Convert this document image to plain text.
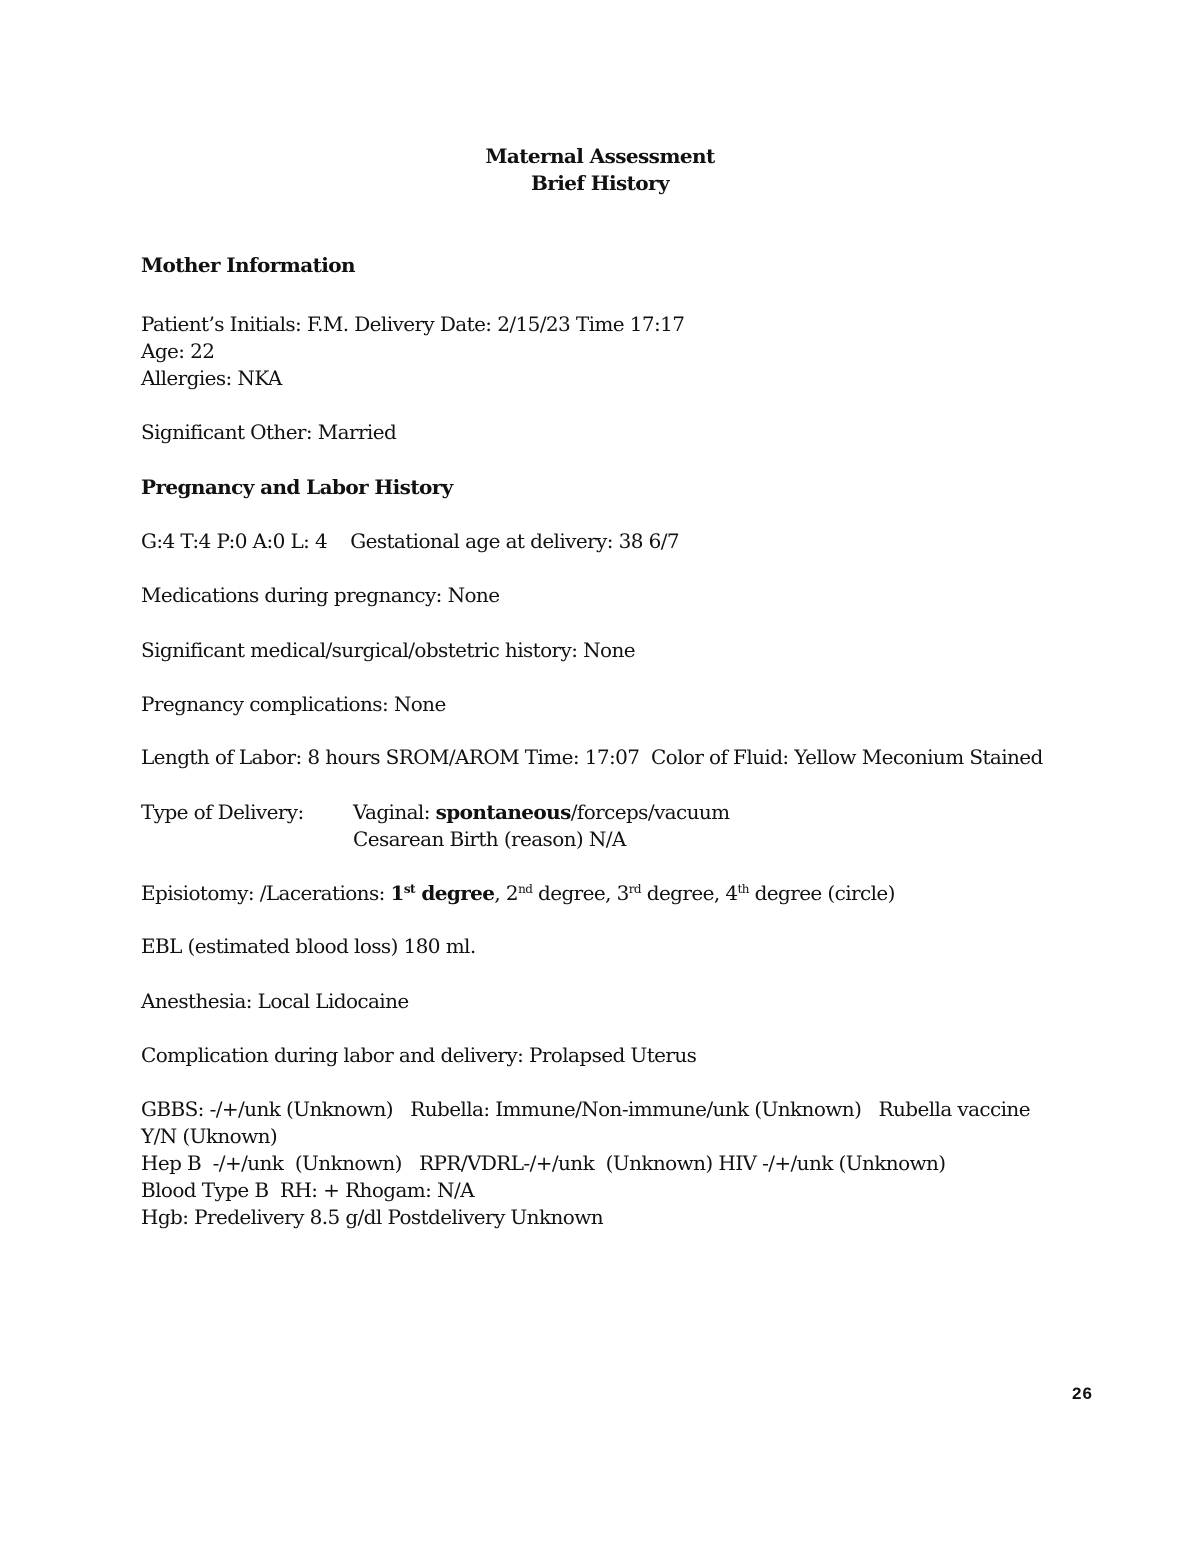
Maternal Assessment
Brief History
Mother Information
Patient’s Initials: F.M. Delivery Date: 2/15/23 Time 17:17
Age: 22
Allergies: NKA
Significant Other: Married
Pregnancy and Labor History
G:4 T:4 P:0 A:0 L: 4    Gestational age at delivery: 38 6/7
Medications during pregnancy: None
Significant medical/surgical/obstetric history: None
Pregnancy complications: None
Length of Labor: 8 hours SROM/AROM Time: 17:07  Color of Fluid: Yellow Meconium Stained
Type of Delivery: Vaginal: spontaneous/forceps/vacuum
Cesarean Birth (reason) N/A
Episiotomy: /Lacerations: 1st degree, 2nd degree, 3rd degree, 4th degree (circle)
EBL (estimated blood loss) 180 ml.
Anesthesia: Local Lidocaine
Complication during labor and delivery: Prolapsed Uterus
GBBS: -/+/unk (Unknown)   Rubella: Immune/Non-immune/unk (Unknown)   Rubella vaccine
Y/N (Uknown)
Hep B  -/+/unk  (Unknown)   RPR/VDRL-/+/unk  (Unknown) HIV -/+/unk (Unknown)
Blood Type B  RH: + Rhogam: N/A
Hgb: Predelivery 8.5 g/dl Postdelivery Unknown
26
